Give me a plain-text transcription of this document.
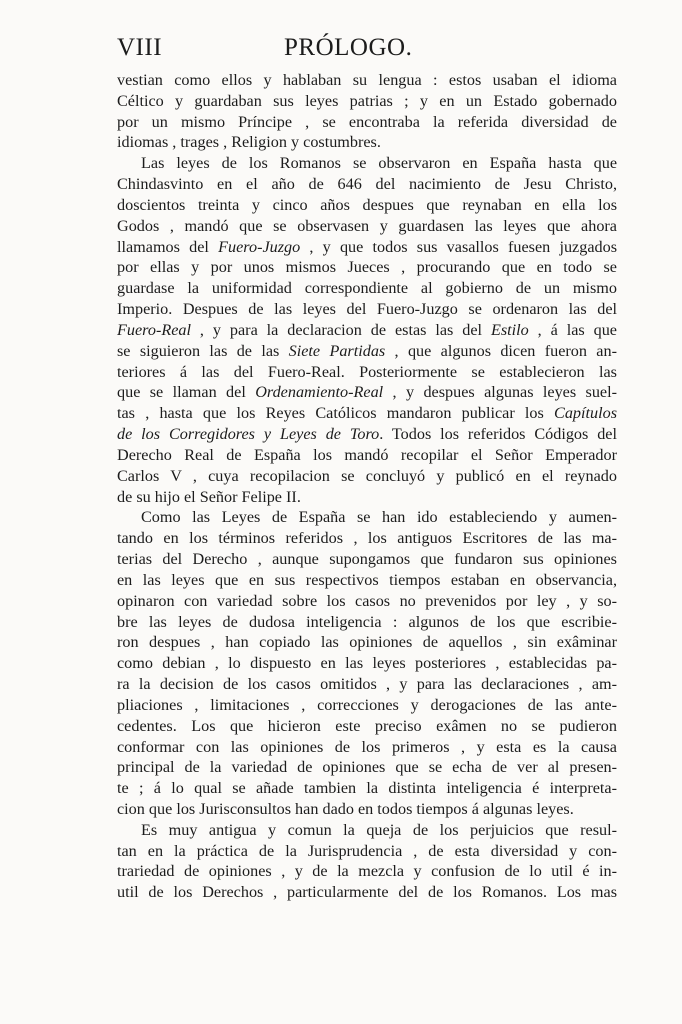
VIII	PRÓLOGO.
vestian como ellos y hablaban su lengua : estos usaban el idioma
Céltico y guardaban sus leyes patrias ; y en un Estado gobernado
por un mismo Príncipe , se encontraba la referida diversidad de
idiomas , trages , Religion y costumbres.
Las leyes de los Romanos se observaron en España hasta que
Chindasvinto en el año de 646 del nacimiento de Jesu Christo,
doscientos treinta y cinco años despues que reynaban en ella los
Godos , mandó que se observasen y guardasen las leyes que ahora
llamamos del Fuero-Juzgo , y que todos sus vasallos fuesen juzgados
por ellas y por unos mismos Jueces , procurando que en todo se
guardase la uniformidad correspondiente al gobierno de un mismo
Imperio. Despues de las leyes del Fuero-Juzgo se ordenaron las del
Fuero-Real , y para la declaracion de estas las del Estilo , á las que
se siguieron las de las Siete Partidas , que algunos dicen fueron an-
teriores á las del Fuero-Real. Posteriormente se establecieron las
que se llaman del Ordenamiento-Real , y despues algunas leyes suel-
tas , hasta que los Reyes Católicos mandaron publicar los Capítulos
de los Corregidores y Leyes de Toro. Todos los referidos Códigos del
Derecho Real de España los mandó recopilar el Señor Emperador
Carlos V , cuya recopilacion se concluyó y publicó en el reynado
de su hijo el Señor Felipe II.
Como las Leyes de España se han ido estableciendo y aumen-
tando en los términos referidos , los antiguos Escritores de las ma-
terias del Derecho , aunque supongamos que fundaron sus opiniones
en las leyes que en sus respectivos tiempos estaban en observancia,
opinaron con variedad sobre los casos no prevenidos por ley , y so-
bre las leyes de dudosa inteligencia : algunos de los que escribie-
ron despues , han copiado las opiniones de aquellos , sin exâminar
como debian , lo dispuesto en las leyes posteriores , establecidas pa-
ra la decision de los casos omitidos , y para las declaraciones , am-
pliaciones , limitaciones , correcciones y derogaciones de las ante-
cedentes. Los que hicieron este preciso exâmen no se pudieron
conformar con las opiniones de los primeros , y esta es la causa
principal de la variedad de opiniones que se echa de ver al presen-
te ; á lo qual se añade tambien la distinta inteligencia é interpreta-
cion que los Jurisconsultos han dado en todos tiempos á algunas leyes.
Es muy antigua y comun la queja de los perjuicios que resul-
tan en la práctica de la Jurisprudencia , de esta diversidad y con-
trariedad de opiniones , y de la mezcla y confusion de lo util é in-
util de los Derechos , particularmente del de los Romanos. Los mas
